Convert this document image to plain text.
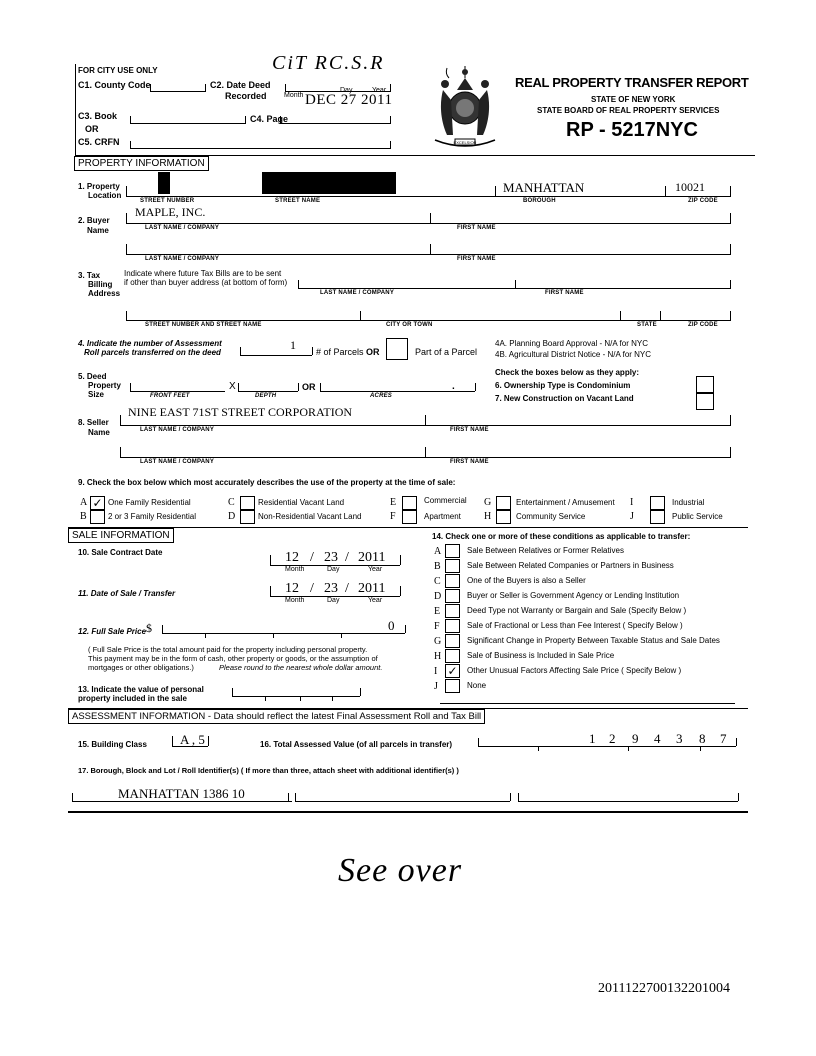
FOR CITY USE ONLY
C1. County Code	C2. Date Deed
Recorded Month
Day	Year
DEC 27 2011
CiT RC.S.R
C3. Book	C4. Page
OR
C5. CRFN	EXCELSIOR
REAL PROPERTY TRANSFER REPORT
STATE OF NEW YORK
STATE BOARD OF REAL PROPERTY SERVICES
RP - 5217NYC
PROPERTY INFORMATION
1. Property
Location
STREET NUMBER	STREET NAME
MANHATTAN
BOROUGH
10021
ZIP CODE
2. Buyer
Name
MAPLE, INC.
LAST NAME / COMPANY	FIRST NAME
LAST NAME / COMPANY	FIRST NAME
3. Tax
Billing
Address
Indicate where future Tax Bills are to be sent
if other than buyer address (at bottom of form)
LAST NAME / COMPANY	FIRST NAME
STREET NUMBER AND STREET NAME	CITY OR TOWN	STATE	ZIP CODE
4. Indicate the number of Assessment
Roll parcels transferred on the deed
1 # of Parcels OR	Part of a Parcel
4A. Planning Board Approval - N/A for NYC
4B. Agricultural District Notice - N/A for NYC
5. Deed
Property
Size
X	OR	.
FRONT FEET	DEPTH	ACRES
Check the boxes below as they apply:
6. Ownership Type is Condominium
7. New Construction on Vacant Land
8. Seller
Name
NINE EAST 71ST STREET CORPORATION
LAST NAME / COMPANY	FIRST NAME
LAST NAME / COMPANY	FIRST NAME
9. Check the box below which most accurately describes the use of the property at the time of sale:
A ✓ One Family Residential
B	2 or 3 Family Residential
C	Residential Vacant Land
D	Non-Residential Vacant Land
E	Commercial
F	Apartment
G	Entertainment / Amusement
H	Community Service
I	Industrial
J	Public Service
SALE INFORMATION
10. Sale Contract Date	12 / 23 / 2011
Month	Day	Year
11. Date of Sale / Transfer	12 / 23 / 2011
Month	Day	Year
12. Full Sale Price $	0
( Full Sale Price is the total amount paid for the property including personal property.
This payment may be in the form of cash, other property or goods, or the assumption of
mortgages or other obligations.)	Please round to the nearest whole dollar amount.
13. Indicate the value of personal
property included in the sale
14. Check one or more of these conditions as applicable to transfer:
A	Sale Between Relatives or Former Relatives
B	Sale Between Related Companies or Partners in Business
C	One of the Buyers is also a Seller
D	Buyer or Seller is Government Agency or Lending Institution
E	Deed Type not Warranty or Bargain and Sale (Specify Below )
F	Sale of Fractional or Less than Fee Interest ( Specify Below )
G	Significant Change in Property Between Taxable Status and Sale Dates
H	Sale of Business is Included in Sale Price
I ✓	Other Unusual Factors Affecting Sale Price ( Specify Below )
J	None
ASSESSMENT INFORMATION - Data should reflect the latest Final Assessment Roll and Tax Bill
15. Building Class	A , 5	16. Total Assessed Value (of all parcels in transfer)	1 2 9 4 3 8 7
17. Borough, Block and Lot / Roll Identifier(s) ( If more than three, attach sheet with additional identifier(s) )
MANHATTAN 1386 10
See over
2011122700132201004
